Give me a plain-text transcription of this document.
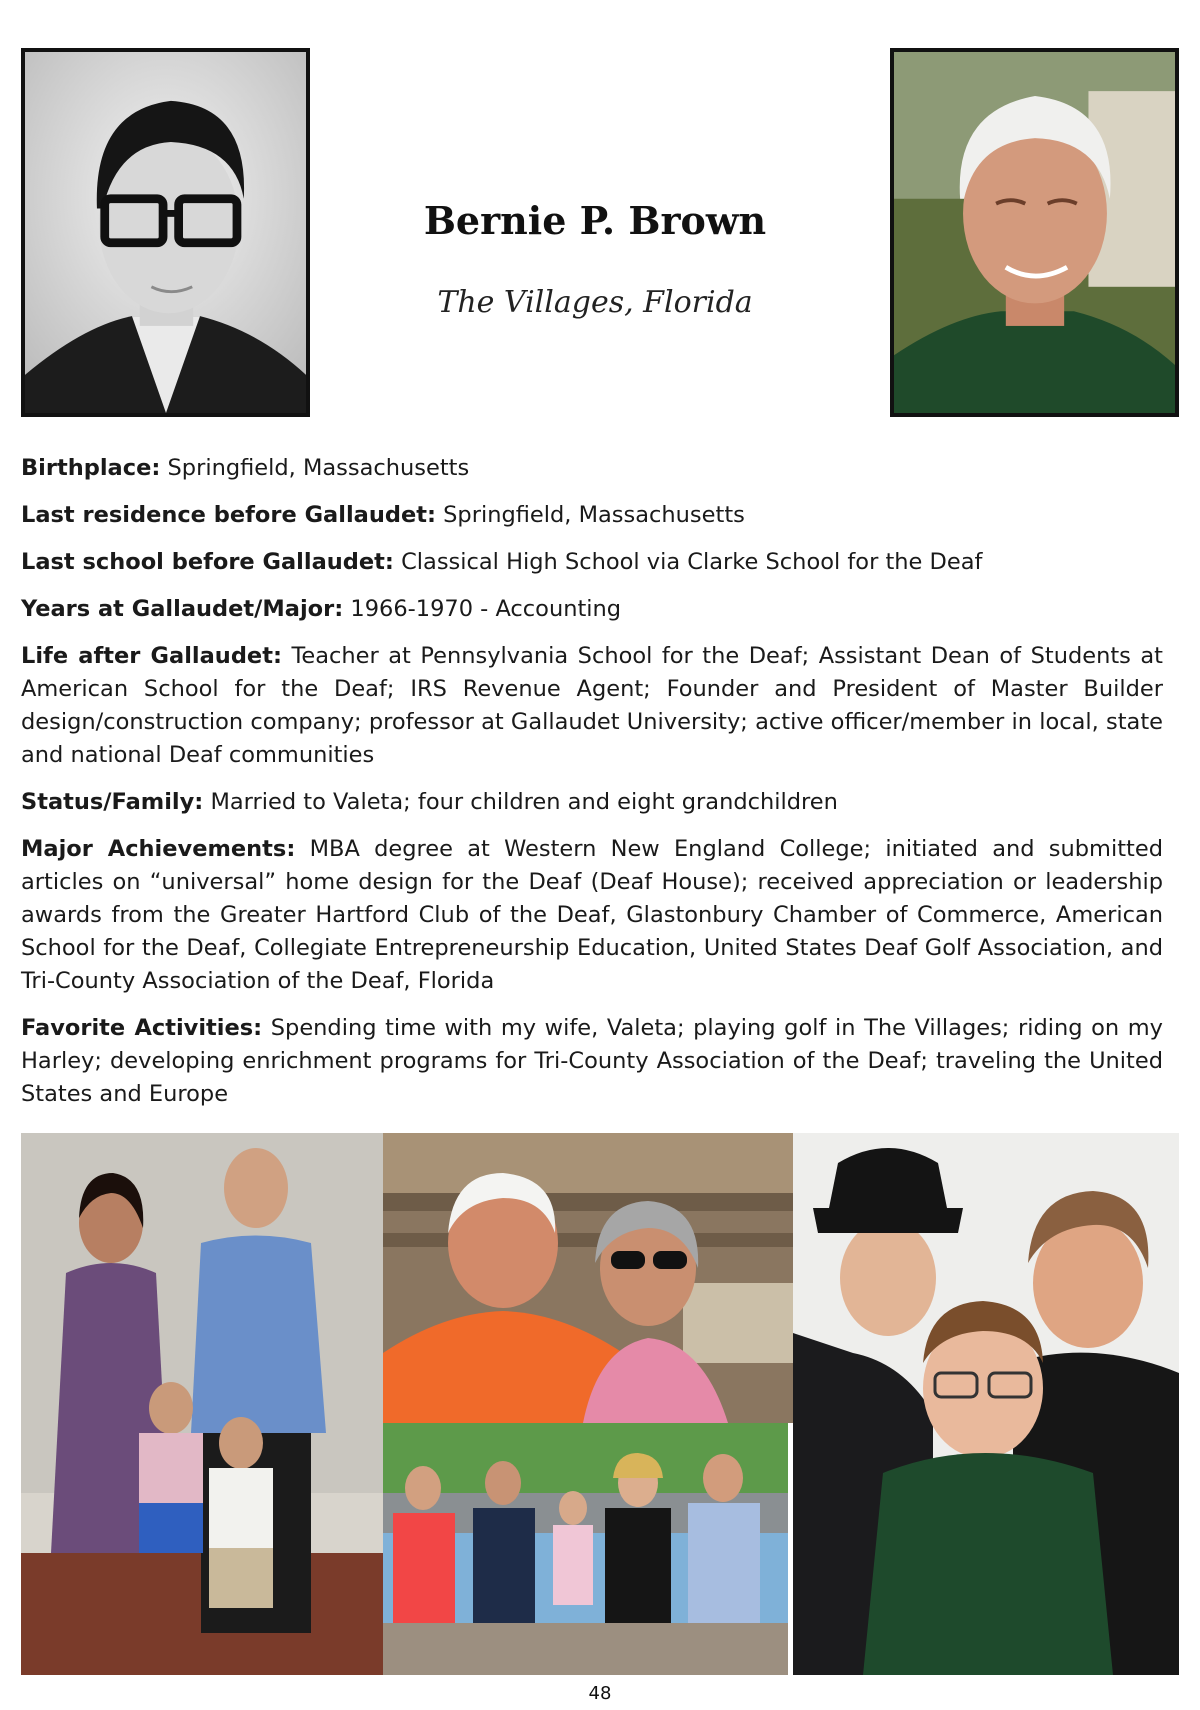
Bernie P. Brown
The Villages, Florida

Birthplace: Springfield, Massachusetts

Last residence before Gallaudet: Springfield, Massachusetts

Last school before Gallaudet: Classical High School via Clarke School for the Deaf

Years at Gallaudet/Major: 1966-1970 - Accounting

Life after Gallaudet: Teacher at Pennsylvania School for the Deaf; Assistant Dean of Students at American School for the Deaf; IRS Revenue Agent; Founder and President of Master Builder design/construction company; professor at Gallaudet University; active officer/member in local, state and national Deaf communities

Status/Family: Married to Valeta; four children and eight grandchildren

Major Achievements: MBA degree at Western New England College; initiated and submitted articles on “universal” home design for the Deaf (Deaf House); received appreciation or leadership awards from the Greater Hartford Club of the Deaf, Glastonbury Chamber of Commerce, American School for the Deaf, Collegiate Entrepreneurship Education, United States Deaf Golf Association, and Tri-County Association of the Deaf, Florida

Favorite Activities: Spending time with my wife, Valeta; playing golf in The Villages; riding on my Harley; developing enrichment programs for Tri-County Association of the Deaf; traveling the United States and Europe

48
